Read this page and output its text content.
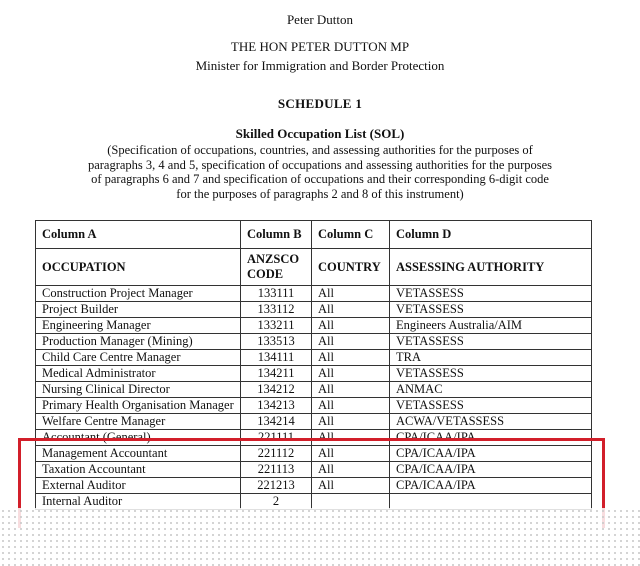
Peter Dutton
THE HON PETER DUTTON MP
Minister for Immigration and Border Protection
SCHEDULE 1
Skilled Occupation List (SOL)
(Specification of occupations, countries, and assessing authorities for the purposes of
paragraphs 3, 4 and 5, specification of occupations and assessing authorities for the purposes
of paragraphs 6 and 7 and specification of occupations and their corresponding 6-digit code
for the purposes of paragraphs 2 and 8 of this instrument)
Column A	Column B	Column C	Column D
OCCUPATION	ANZSCO CODE	COUNTRY	ASSESSING AUTHORITY
Construction Project Manager	133111	All	VETASSESS
Project Builder	133112	All	VETASSESS
Engineering Manager	133211	All	Engineers Australia/AIM
Production Manager (Mining)	133513	All	VETASSESS
Child Care Centre Manager	134111	All	TRA
Medical Administrator	134211	All	VETASSESS
Nursing Clinical Director	134212	All	ANMAC
Primary Health Organisation Manager	134213	All	VETASSESS
Welfare Centre Manager	134214	All	ACWA/VETASSESS
Accountant (General)	221111	All	CPA/ICAA/IPA
Management Accountant	221112	All	CPA/ICAA/IPA
Taxation Accountant	221113	All	CPA/ICAA/IPA
External Auditor	221213	All	CPA/ICAA/IPA
Internal Auditor	2		
